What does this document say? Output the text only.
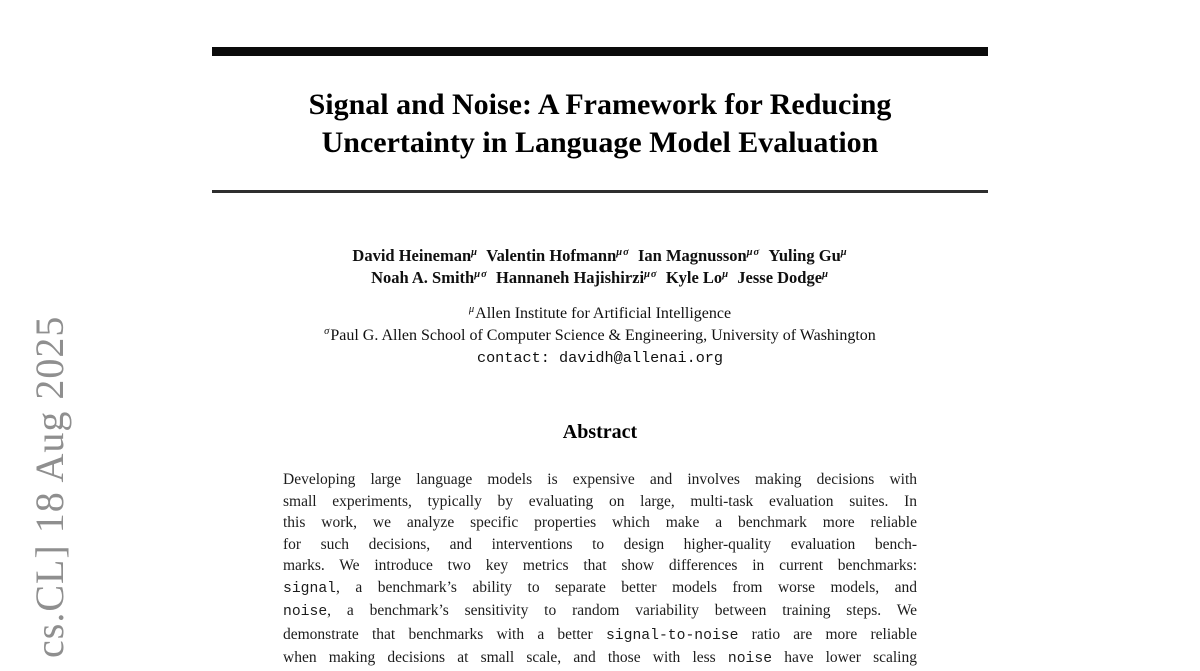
cs.CL] 18 Aug 2025
Signal and Noise: A Framework for Reducing
Uncertainty in Language Model Evaluation
David Heineman$^\mu$ Valentin Hofmann$^{\mu\sigma}$ Ian Magnusson$^{\mu\sigma}$ Yuling $Gu^\mu$
Noah A. Smith$^{\mu\sigma}$ Hannaneh Hajishirzi$^{\mu\sigma}$ Kyle $Lo^\mu$ Jesse Dodge$^\mu$
$^\mu$Allen Institute for Artificial Intelligence
$^\sigma$Paul G. Allen School of Computer Science & Engineering, University of Washington
contact: davidh@allenai.org
Abstract
Developing large language models is expensive and involves making decisions with
small experiments, typically by evaluating on large, multi-task evaluation suites. In
this work, we analyze specific properties which make a benchmark more reliable
for such decisions, and interventions to design higher-quality evaluation bench-
marks. We introduce two key metrics that show differences in current benchmarks:
signal, a benchmark’s ability to separate better models from worse models, and
noise, a benchmark’s sensitivity to random variability between training steps. We
demonstrate that benchmarks with a better signal-to-noise ratio are more reliable
when making decisions at small scale, and those with less noise have lower scaling
